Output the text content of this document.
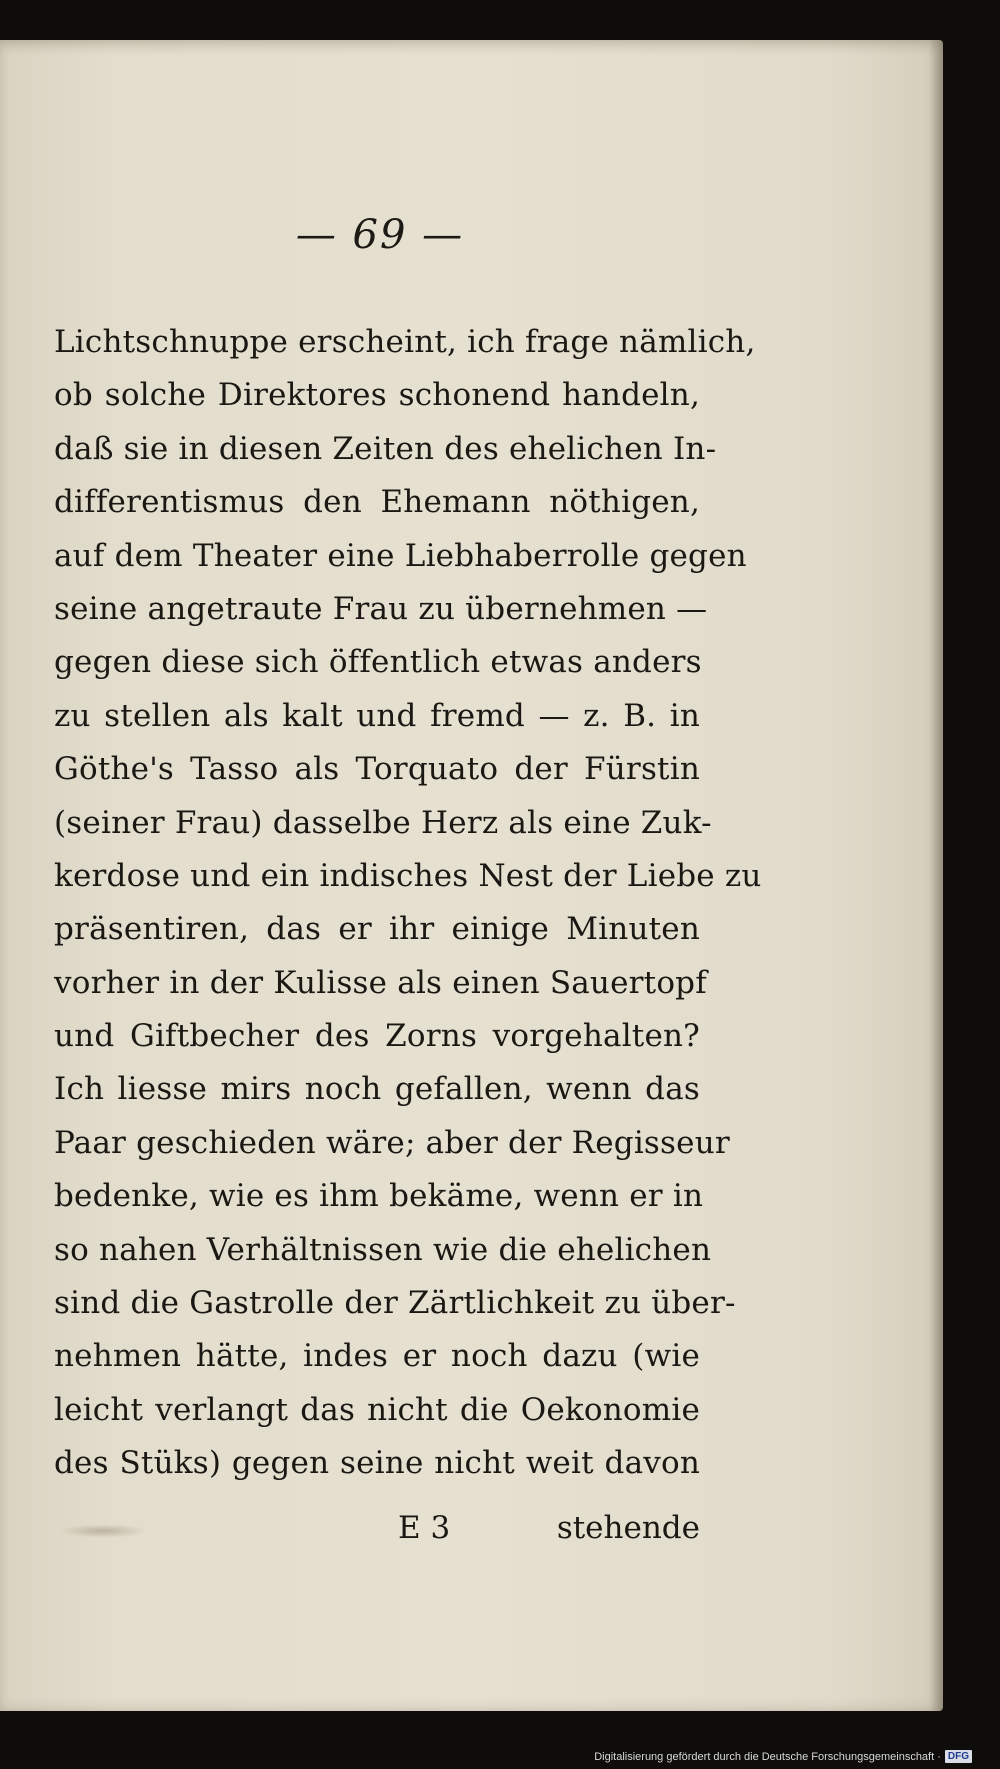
— 69 —
Lichtschnuppe erscheint, ich frage nämlich,
ob solche Direktores schonend handeln,
daß sie in diesen Zeiten des ehelichen In-
differentismus den Ehemann nöthigen,
auf dem Theater eine Liebhaberrolle gegen
seine angetraute Frau zu übernehmen —
gegen diese sich öffentlich etwas anders
zu stellen als kalt und fremd — z. B. in
Göthe's Tasso als Torquato der Fürstin
(seiner Frau) dasselbe Herz als eine Zuk-
kerdose und ein indisches Nest der Liebe zu
präsentiren, das er ihr einige Minuten
vorher in der Kulisse als einen Sauertopf
und Giftbecher des Zorns vorgehalten?
Ich liesse mirs noch gefallen, wenn das
Paar geschieden wäre; aber der Regisseur
bedenke, wie es ihm bekäme, wenn er in
so nahen Verhältnissen wie die ehelichen
sind die Gastrolle der Zärtlichkeit zu über-
nehmen hätte, indes er noch dazu (wie
leicht verlangt das nicht die Oekonomie
des Stüks) gegen seine nicht weit davon
E 3	stehende
Digitalisierung gefördert durch die Deutsche Forschungsgemeinschaft · DFG
